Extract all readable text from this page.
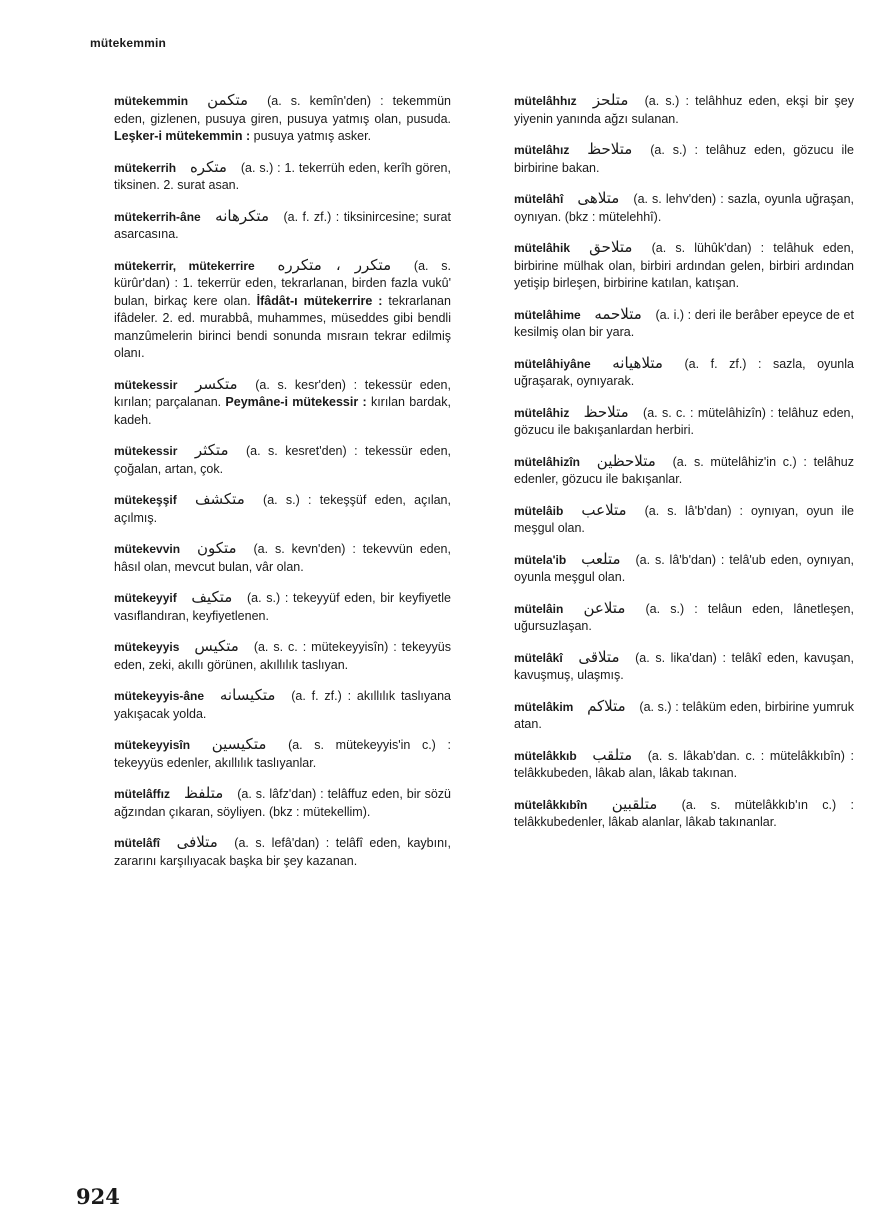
mütekemmin
mütekemmin متكمن (a. s. kemîn'den) : tekemmün eden, gizlenen, pusuya giren, pusuya yatmış olan, pusuda. Leşker-i mütekemmin : pusuya yatmış asker.
mütekerrih متكره (a. s.) : 1. tekerrüh eden, kerîh gören, tiksinen. 2. surat asan.
mütekerrih-âne متكرهانه (a. f. zf.) : tiksinircesine; surat asarcasına.
mütekerrir, mütekerrire متكرر ، متكرره (a. s. kürûr'dan) : 1. tekerrür eden, tekrarlanan, birden fazla vukû' bulan, birkaç kere olan. İfâdât-ı mütekerrire : tekrarlanan ifâdeler. 2. ed. murabbâ, muhammes, müseddes gibi bendli manzûmelerin birinci bendi sonunda mısraın tekrar edilmiş olanı.
mütekessir متكسر (a. s. kesr'den) : tekessür eden, kırılan; parçalanan. Peymâne-i mütekessir : kırılan bardak, kadeh.
mütekessir متكثر (a. s. kesret'den) : tekessür eden, çoğalan, artan, çok.
mütekeşşif متكشف (a. s.) : tekeşşüf eden, açılan, açılmış.
mütekevvin متكون (a. s. kevn'den) : tekevvün eden, hâsıl olan, mevcut bulan, vâr olan.
mütekeyyif متكيف (a. s.) : tekeyyüf eden, bir keyfiyetle vasıflandıran, keyfiyetlenen.
mütekeyyis متكيس (a. s. c. : mütekeyyisîn) : tekeyyüs eden, zeki, akıllı görünen, akıllılık taslıyan.
mütekeyyis-âne متكيسانه (a. f. zf.) : akıllılık taslıyana yakışacak yolda.
mütekeyyisîn متكيسين (a. s. mütekeyyis'in c.) : tekeyyüs edenler, akıllılık taslıyanlar.
mütelâffız متلفظ (a. s. lâfz'dan) : telâffuz eden, bir sözü ağzından çıkaran, söyliyen. (bkz : mütekellim).
mütelâfî متلافى (a. s. lefâ'dan) : telâfî eden, kaybını, zararını karşılıyacak başka bir şey kazanan.
mütelâhhız متلحز (a. s.) : telâhhuz eden, ekşi bir şey yiyenin yanında ağzı sulanan.
mütelâhız متلاحظ (a. s.) : telâhuz eden, gözucu ile birbirine bakan.
mütelâhî متلاهى (a. s. lehv'den) : sazla, oyunla uğraşan, oynıyan. (bkz : mütelehhî).
mütelâhik متلاحق (a. s. lühûk'dan) : telâhuk eden, birbirine mülhak olan, birbiri ardından gelen, birbiri ardından yetişip birleşen, birbirine katılan, katışan.
mütelâhime متلاحمه (a. i.) : deri ile berâber epeyce de et kesilmiş olan bir yara.
mütelâhiyâne متلاهيانه (a. f. zf.) : sazla, oyunla uğraşarak, oynıyarak.
mütelâhiz متلاحظ (a. s. c. : mütelâhizîn) : telâhuz eden, gözucu ile bakışanlardan herbiri.
mütelâhizîn متلاحظين (a. s. mütelâhiz'in c.) : telâhuz edenler, gözucu ile bakışanlar.
mütelâib متلاعب (a. s. lâ'b'dan) : oynıyan, oyun ile meşgul olan.
mütela'ib متلعب (a. s. lâ'b'dan) : telâ'ub eden, oynıyan, oyunla meşgul olan.
mütelâin متلاعن (a. s.) : telâun eden, lânetleşen, uğursuzlaşan.
mütelâkî متلاقى (a. s. lika'dan) : telâkî eden, kavuşan, kavuşmuş, ulaşmış.
mütelâkim متلاكم (a. s.) : telâküm eden, birbirine yumruk atan.
mütelâkkıb متلقب (a. s. lâkab'dan. c. : mütelâkkıbîn) : telâkkubeden, lâkab alan, lâkab takınan.
mütelâkkıbîn متلقبين (a. s. mütelâkkıb'ın c.) : telâkkubedenler, lâkab alanlar, lâkab takınanlar.
924
